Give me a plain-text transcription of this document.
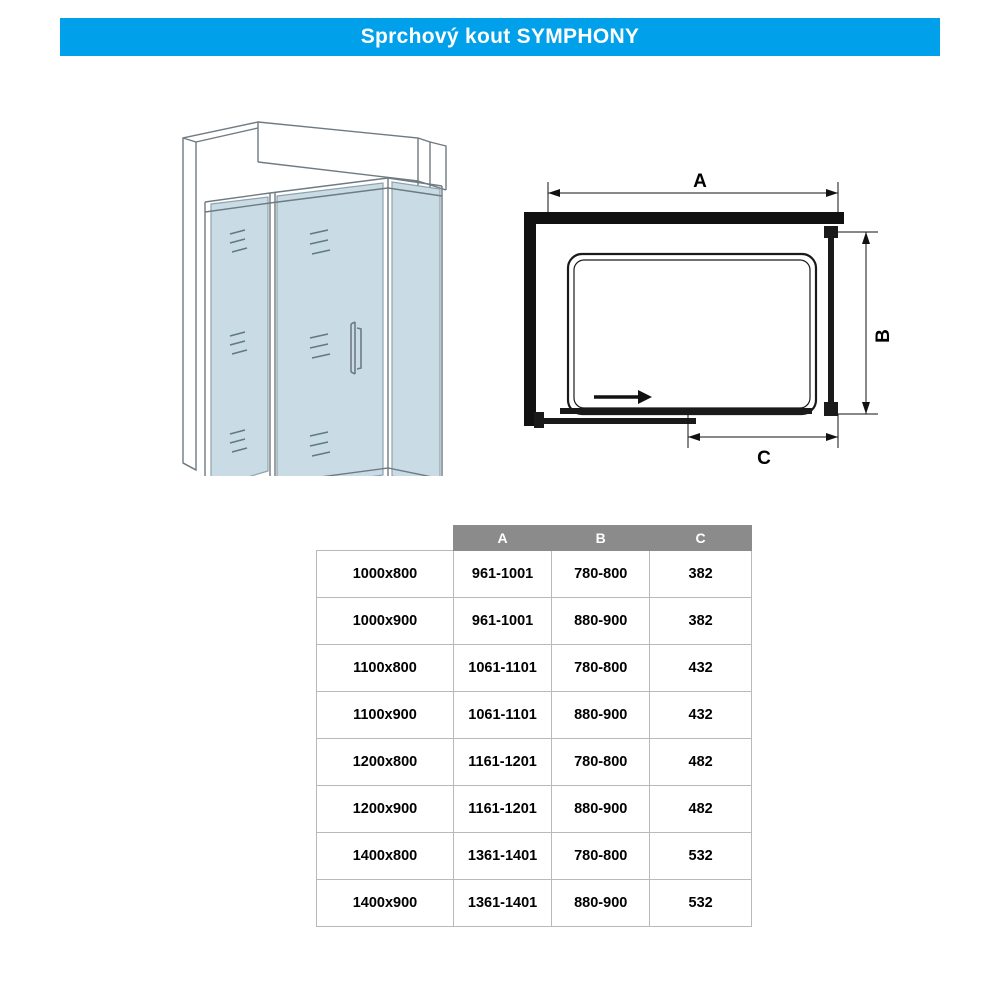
Sprchový kout SYMPHONY
A
B
C
	A	B	C
1000x800	961-1001	780-800	382
1000x900	961-1001	880-900	382
1100x800	1061-1101	780-800	432
1100x900	1061-1101	880-900	432
1200x800	1161-1201	780-800	482
1200x900	1161-1201	880-900	482
1400x800	1361-1401	780-800	532
1400x900	1361-1401	880-900	532
